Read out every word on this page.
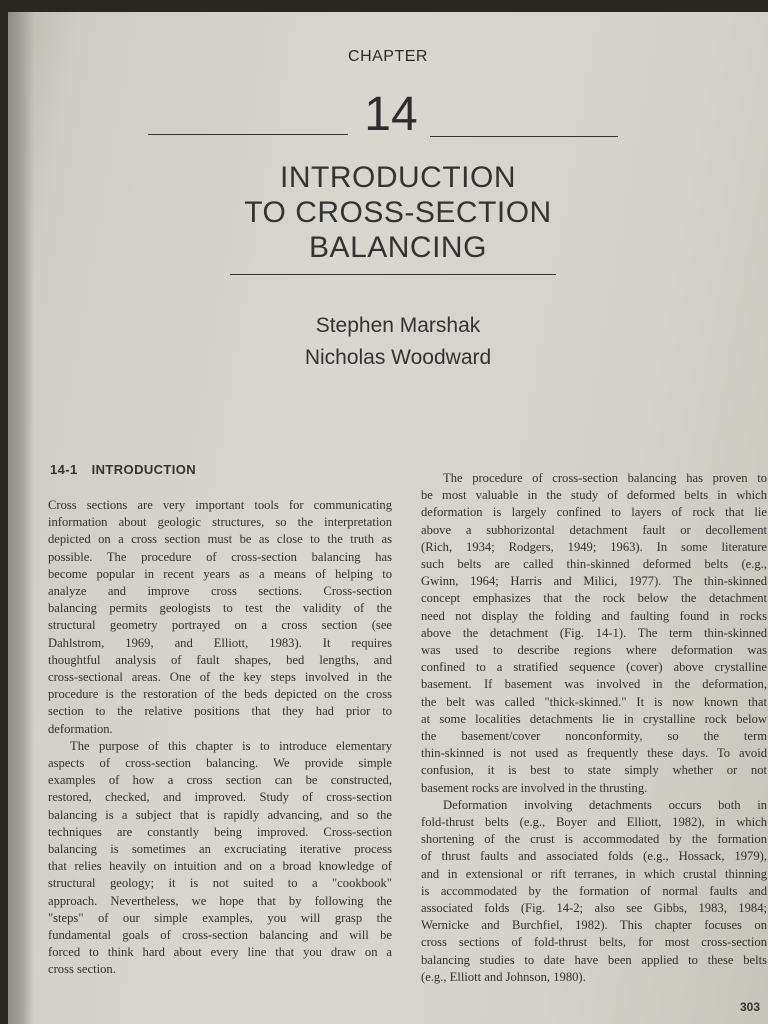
CHAPTER
14
INTRODUCTION
TO CROSS-SECTION
BALANCING
Stephen Marshak
Nicholas Woodward
14-1 INTRODUCTION

Cross sections are very important tools for communicating
information about geologic structures, so the interpretation
depicted on a cross section must be as close to the truth as
possible. The procedure of cross-section balancing has
become popular in recent years as a means of helping to
analyze and improve cross sections. Cross-section
balancing permits geologists to test the validity of the
structural geometry portrayed on a cross section (see
Dahlstrom, 1969, and Elliott, 1983). It requires
thoughtful analysis of fault shapes, bed lengths, and
cross-sectional areas. One of the key steps involved in the
procedure is the restoration of the beds depicted on the cross
section to the relative positions that they had prior to
deformation.

The purpose of this chapter is to introduce elementary
aspects of cross-section balancing. We provide simple
examples of how a cross section can be constructed,
restored, checked, and improved. Study of cross-section
balancing is a subject that is rapidly advancing, and so the
techniques are constantly being improved. Cross-section
balancing is sometimes an excruciating iterative process
that relies heavily on intuition and on a broad knowledge of
structural geology; it is not suited to a "cookbook"
approach. Nevertheless, we hope that by following the
"steps" of our simple examples, you will grasp the
fundamental goals of cross-section balancing and will be
forced to think hard about every line that you draw on a
cross section.

The procedure of cross-section balancing has proven to
be most valuable in the study of deformed belts in which
deformation is largely confined to layers of rock that lie
above a subhorizontal detachment fault or decollement
(Rich, 1934; Rodgers, 1949; 1963). In some literature
such belts are called thin-skinned deformed belts (e.g.,
Gwinn, 1964; Harris and Milici, 1977). The thin-skinned
concept emphasizes that the rock below the detachment
need not display the folding and faulting found in rocks
above the detachment (Fig. 14-1). The term thin-skinned
was used to describe regions where deformation was
confined to a stratified sequence (cover) above crystalline
basement. If basement was involved in the deformation,
the belt was called "thick-skinned." It is now known that
at some localities detachments lie in crystalline rock below
the basement/cover nonconformity, so the term
thin-skinned is not used as frequently these days. To avoid
confusion, it is best to state simply whether or not
basement rocks are involved in the thrusting.

Deformation involving detachments occurs both in
fold-thrust belts (e.g., Boyer and Elliott, 1982), in which
shortening of the crust is accommodated by the formation
of thrust faults and associated folds (e.g., Hossack, 1979),
and in extensional or rift terranes, in which crustal thinning
is accommodated by the formation of normal faults and
associated folds (Fig. 14-2; also see Gibbs, 1983, 1984;
Wernicke and Burchfiel, 1982). This chapter focuses on
cross sections of fold-thrust belts, for most cross-section
balancing studies to date have been applied to these belts
(e.g., Elliott and Johnson, 1980).

303
